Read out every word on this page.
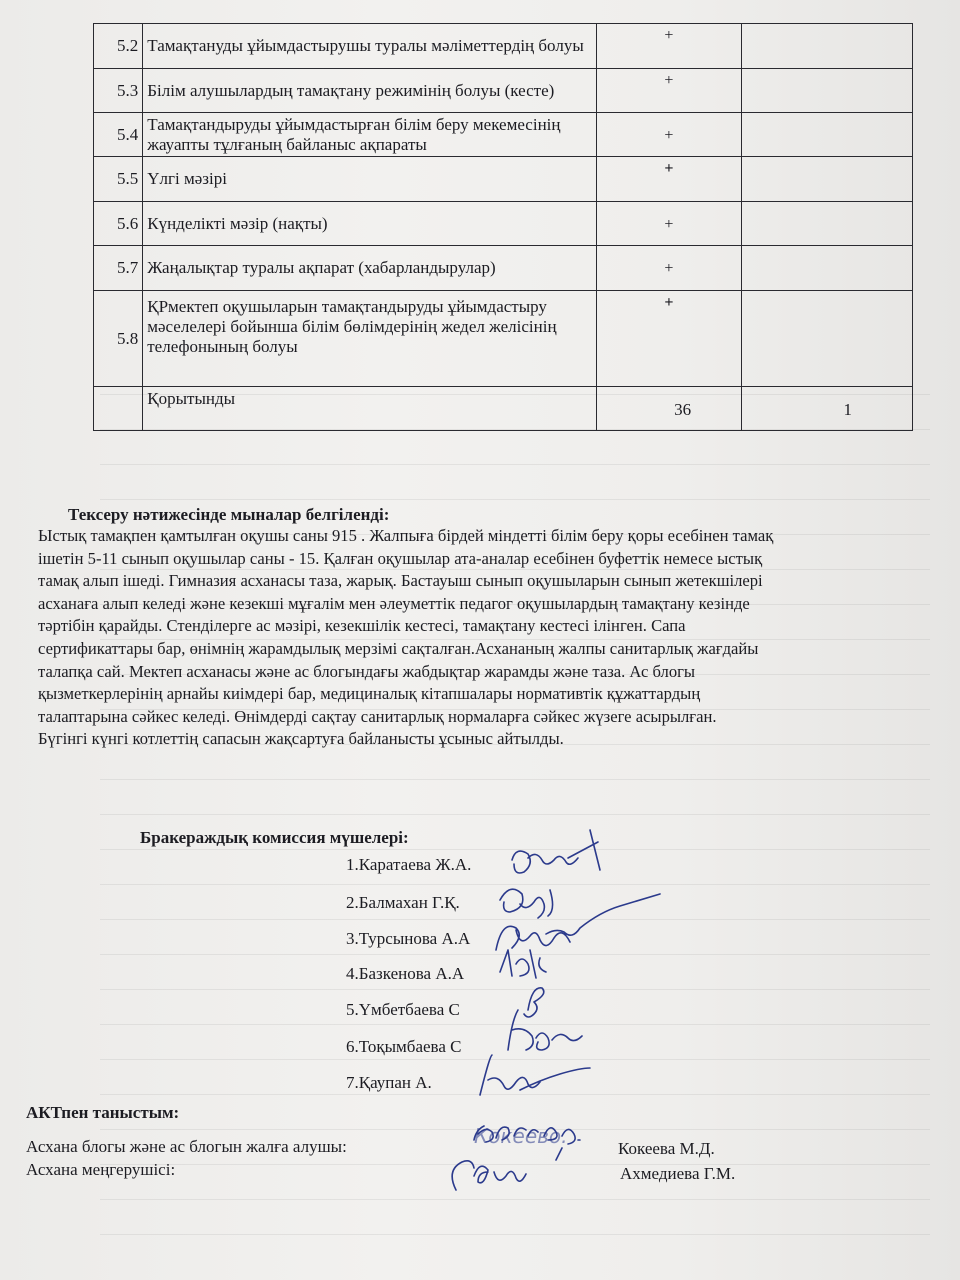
5.2	Тамақтануды ұйымдастырушы туралы мәліметтердің болуы	+	

5.3	Білім алушылардың тамақтану режимінің болуы (кесте)	+	

5.4	Тамақтандыруды ұйымдастырған білім беру мекемесінің жауапты тұлғаның байланыс ақпараты	+	

5.5	Үлгі мәзірі	+	

5.6	Күнделікті мәзір (нақты)	+	

5.7	Жаңалықтар туралы ақпарат (хабарландырулар)	+	

5.8	ҚРмектеп оқушыларын тамақтандыруды ұйымдастыру мәселелері бойынша білім бөлімдерінің жедел желісінің телефонының болуы	+	

	Қорытынды	36	1
Тексеру нәтижесінде мыналар белгіленді:
Ыстық тамақпен қамтылған оқушы саны 915 . Жалпыға бірдей міндетті білім беру қоры есебінен тамақ
ішетін 5-11 сынып оқушылар саны - 15. Қалған оқушылар ата-аналар есебінен буфеттік немесе ыстық
тамақ алып ішеді. Гимназия асханасы таза, жарық. Бастауыш сынып оқушыларын сынып жетекшілері
асханаға алып келеді және кезекші мұғалім мен әлеуметтік педагог оқушылардың тамақтану кезінде
тәртібін қарайды. Стенділерге ас мәзірі, кезекшілік кестесі, тамақтану кестесі ілінген. Сапа
сертификаттары бар, өнімнің жарамдылық мерзімі сақталған.Асхананың жалпы санитарлық жағдайы
талапқа сай. Мектеп асханасы және ас блогындағы жабдықтар жарамды және таза. Ас блогы
қызметкерлерінің арнайы киімдері бар, медициналық кітапшалары нормативтік құжаттардың
талаптарына сәйкес келеді. Өнімдерді сақтау санитарлық нормаларға сәйкес жүзеге асырылған.
Бүгінгі күнгі котлеттің сапасын жақсартуға байланысты ұсыныс айтылды.
Бракераждық комиссия мүшелері:
1.Каратаева Ж.А.
2.Балмахан Г.Қ.
3.Турсынова А.А
4.Базкенова А.А
5.Үмбетбаева С
6.Тоқымбаева С
7.Қаупан А.
АКТпен таныстым:
Асхана блогы және ас блогын жалға алушы:	Кокеева М.Д.
Асхана меңгерушісі:	Ахмедиева Г.М.
Кокеево.
